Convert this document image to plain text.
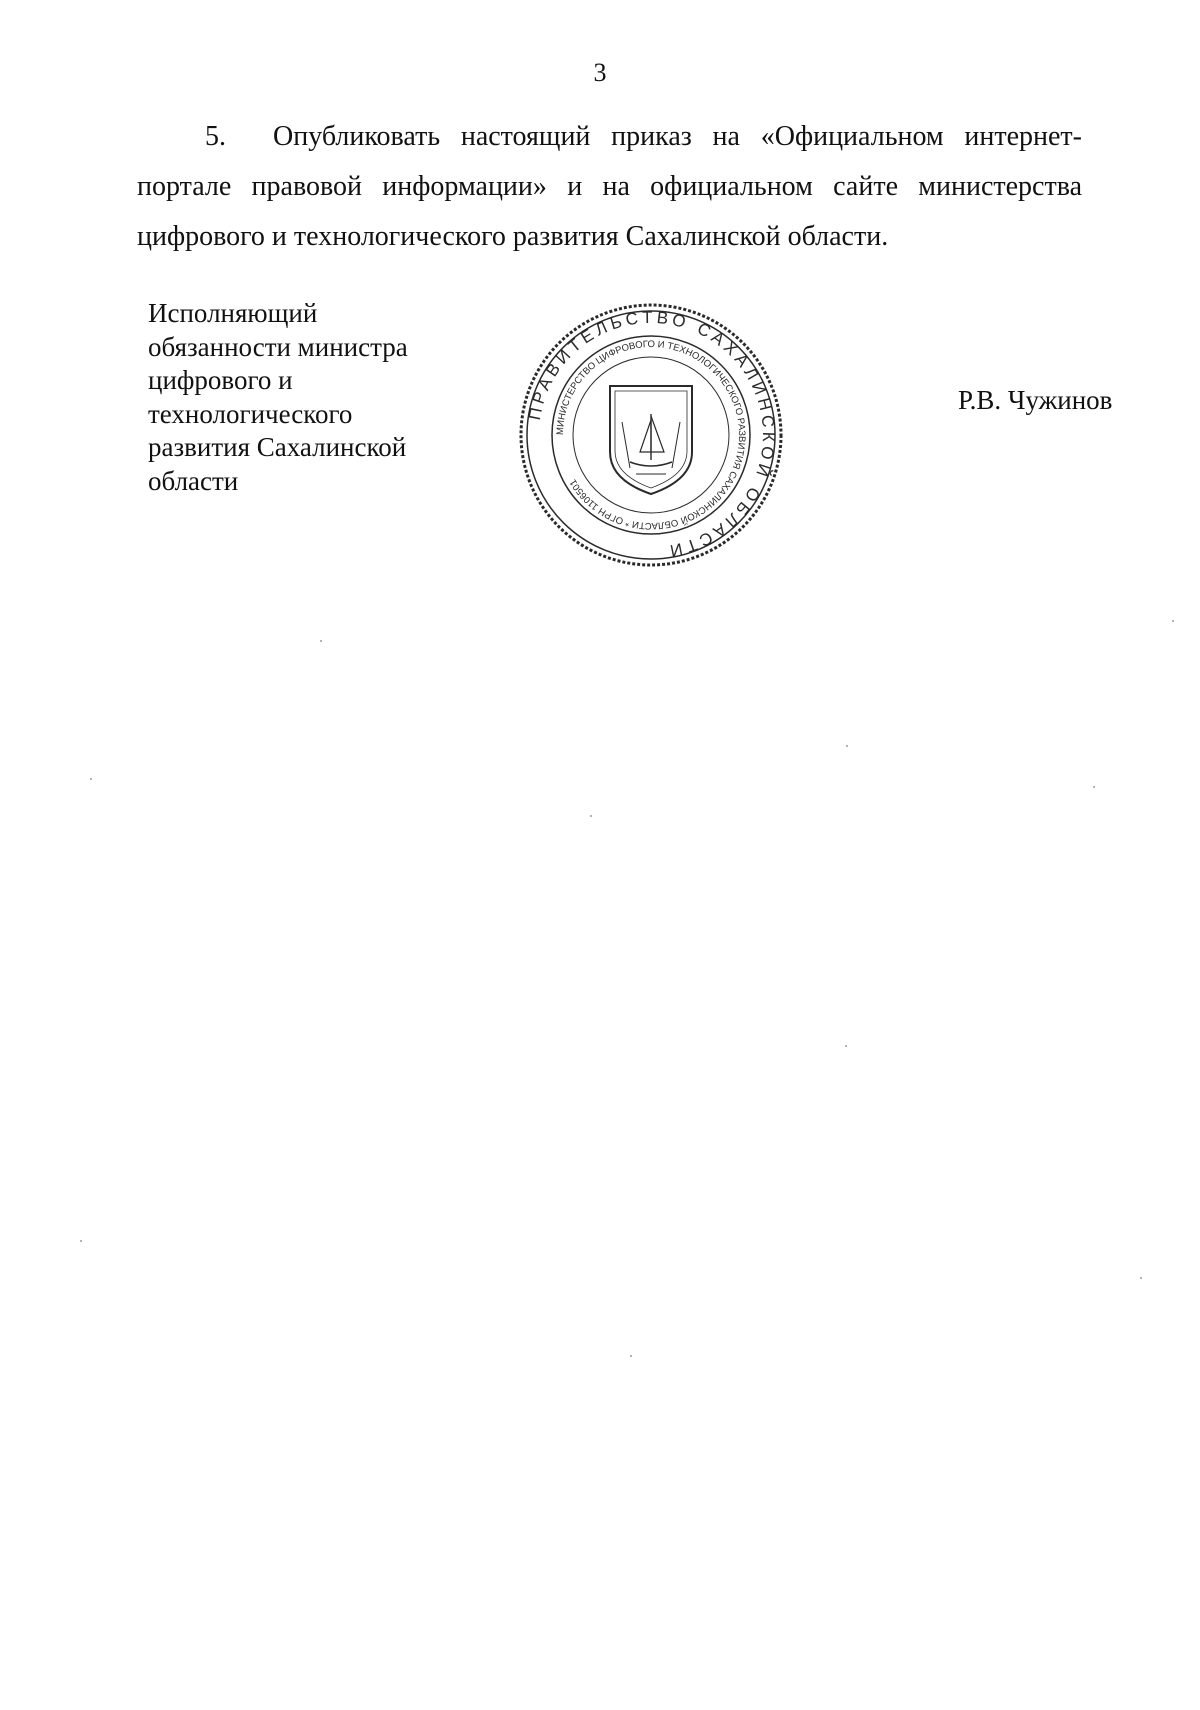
3
5. Опубликовать настоящий приказ на «Официальном интернет-портале правовой информации» и на официальном сайте министерства цифрового и технологического развития Сахалинской области.
Исполняющий
обязанности министра
цифрового и
технологического
развития Сахалинской
области
ПРАВИТЕЛЬСТВО САХАЛИНСКОЙ ОБЛАСТИ
МИНИСТЕРСТВО ЦИФРОВОГО И ТЕХНОЛОГИЧЕСКОГО РАЗВИТИЯ САХАЛИНСКОЙ ОБЛАСТИ * ОГРН 1106501
Р.В. Чужинов
